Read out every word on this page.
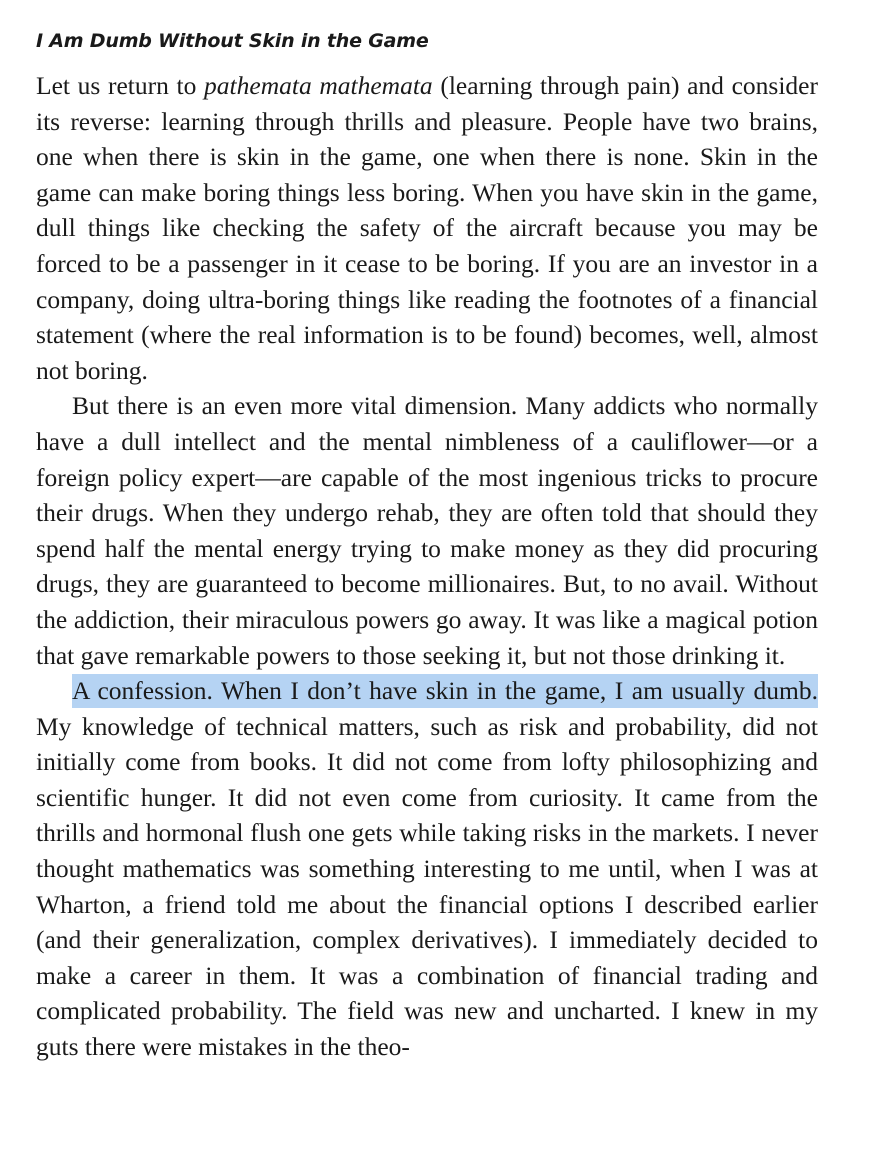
I Am Dumb Without Skin in the Game

Let us return to pathemata mathemata (learning through pain) and consider its reverse: learning through thrills and pleasure. People have two brains, one when there is skin in the game, one when there is none. Skin in the game can make boring things less boring. When you have skin in the game, dull things like checking the safety of the aircraft because you may be forced to be a passenger in it cease to be boring. If you are an investor in a company, doing ultra-boring things like reading the footnotes of a financial statement (where the real information is to be found) becomes, well, almost not boring.

But there is an even more vital dimension. Many addicts who normally have a dull intellect and the mental nimbleness of a cauliflower—or a foreign policy expert—are capable of the most ingenious tricks to procure their drugs. When they undergo rehab, they are often told that should they spend half the mental energy trying to make money as they did procuring drugs, they are guaranteed to become millionaires. But, to no avail. Without the addiction, their miraculous powers go away. It was like a magical potion that gave remarkable powers to those seeking it, but not those drinking it.

A confession. When I don’t have skin in the game, I am usually dumb. My knowledge of technical matters, such as risk and probability, did not initially come from books. It did not come from lofty philosophizing and scientific hunger. It did not even come from curiosity. It came from the thrills and hormonal flush one gets while taking risks in the markets. I never thought mathematics was something interesting to me until, when I was at Wharton, a friend told me about the financial options I described earlier (and their generalization, complex derivatives). I immediately decided to make a career in them. It was a combination of financial trading and complicated probability. The field was new and uncharted. I knew in my guts there were mistakes in the theo-
